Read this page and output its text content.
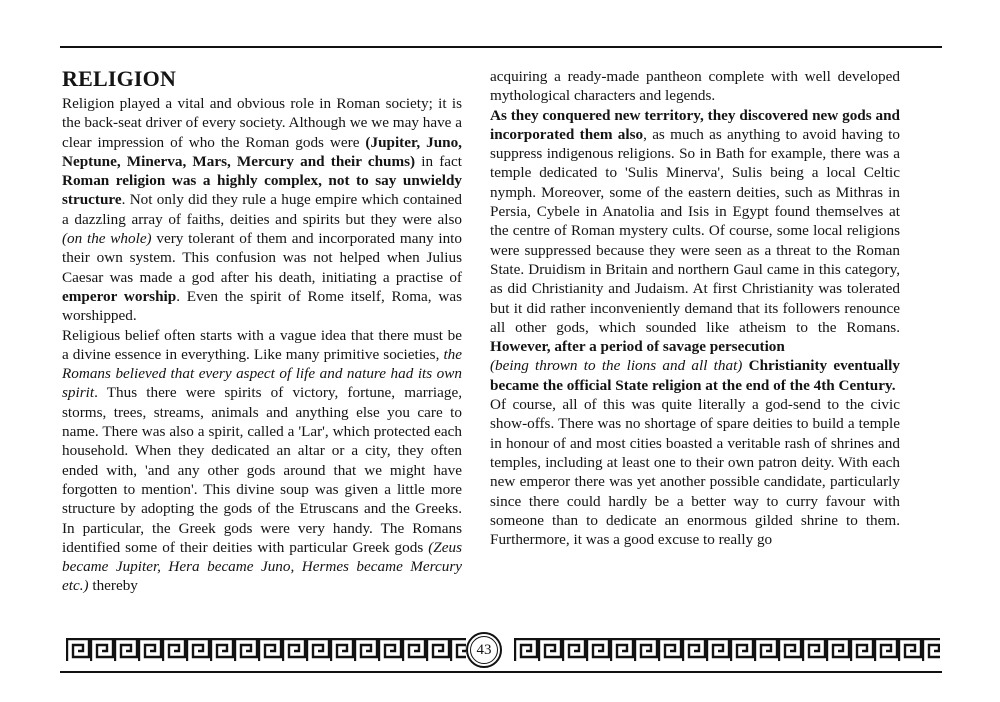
RELIGION

Religion played a vital and obvious role in Roman society; it is the back-seat driver of every society. Although we we may have a clear impression of who the Roman gods were (Jupiter, Juno, Neptune, Minerva, Mars, Mercury and their chums) in fact Roman religion was a highly complex, not to say unwieldy structure. Not only did they rule a huge empire which contained a dazzling array of faiths, deities and spirits but they were also (on the whole) very tolerant of them and incorporated many into their own system. This confusion was not helped when Julius Caesar was made a god after his death, initiating a practise of emperor worship. Even the spirit of Rome itself, Roma, was worshipped.

Religious belief often starts with a vague idea that there must be a divine essence in everything. Like many primitive societies, the Romans believed that every aspect of life and nature had its own spirit. Thus there were spirits of victory, fortune, marriage, storms, trees, streams, animals and anything else you care to name. There was also a spirit, called a 'Lar', which protected each household. When they dedicated an altar or a city, they often ended with, 'and any other gods around that we might have forgotten to mention'. This divine soup was given a little more structure by adopting the gods of the Etruscans and the Greeks. In particular, the Greek gods were very handy. The Romans identified some of their deities with particular Greek gods (Zeus became Jupiter, Hera became Juno, Hermes became Mercury etc.) thereby

acquiring a ready-made pantheon complete with well developed mythological characters and legends.

As they conquered new territory, they discovered new gods and incorporated them also, as much as anything to avoid having to suppress indigenous religions. So in Bath for example, there was a temple dedicated to 'Sulis Minerva', Sulis being a local Celtic nymph. Moreover, some of the eastern deities, such as Mithras in Persia, Cybele in Anatolia and Isis in Egypt found themselves at the centre of Roman mystery cults. Of course, some local religions were suppressed because they were seen as a threat to the Roman State. Druidism in Britain and northern Gaul came in this category, as did Christianity and Judaism. At first Christianity was tolerated but it did rather inconveniently demand that its followers renounce all other gods, which sounded like atheism to the Romans. However, after a period of savage persecution
(being thrown to the lions and all that) Christianity eventually became the official State religion at the end of the 4th Century.

Of course, all of this was quite literally a god-send to the civic show-offs. There was no shortage of spare deities to build a temple in honour of and most cities boasted a veritable rash of shrines and temples, including at least one to their own patron deity. With each new emperor there was yet another possible candidate, particularly since there could hardly be a better way to curry favour with someone than to dedicate an enormous gilded shrine to them. Furthermore, it was a good excuse to really go

43
